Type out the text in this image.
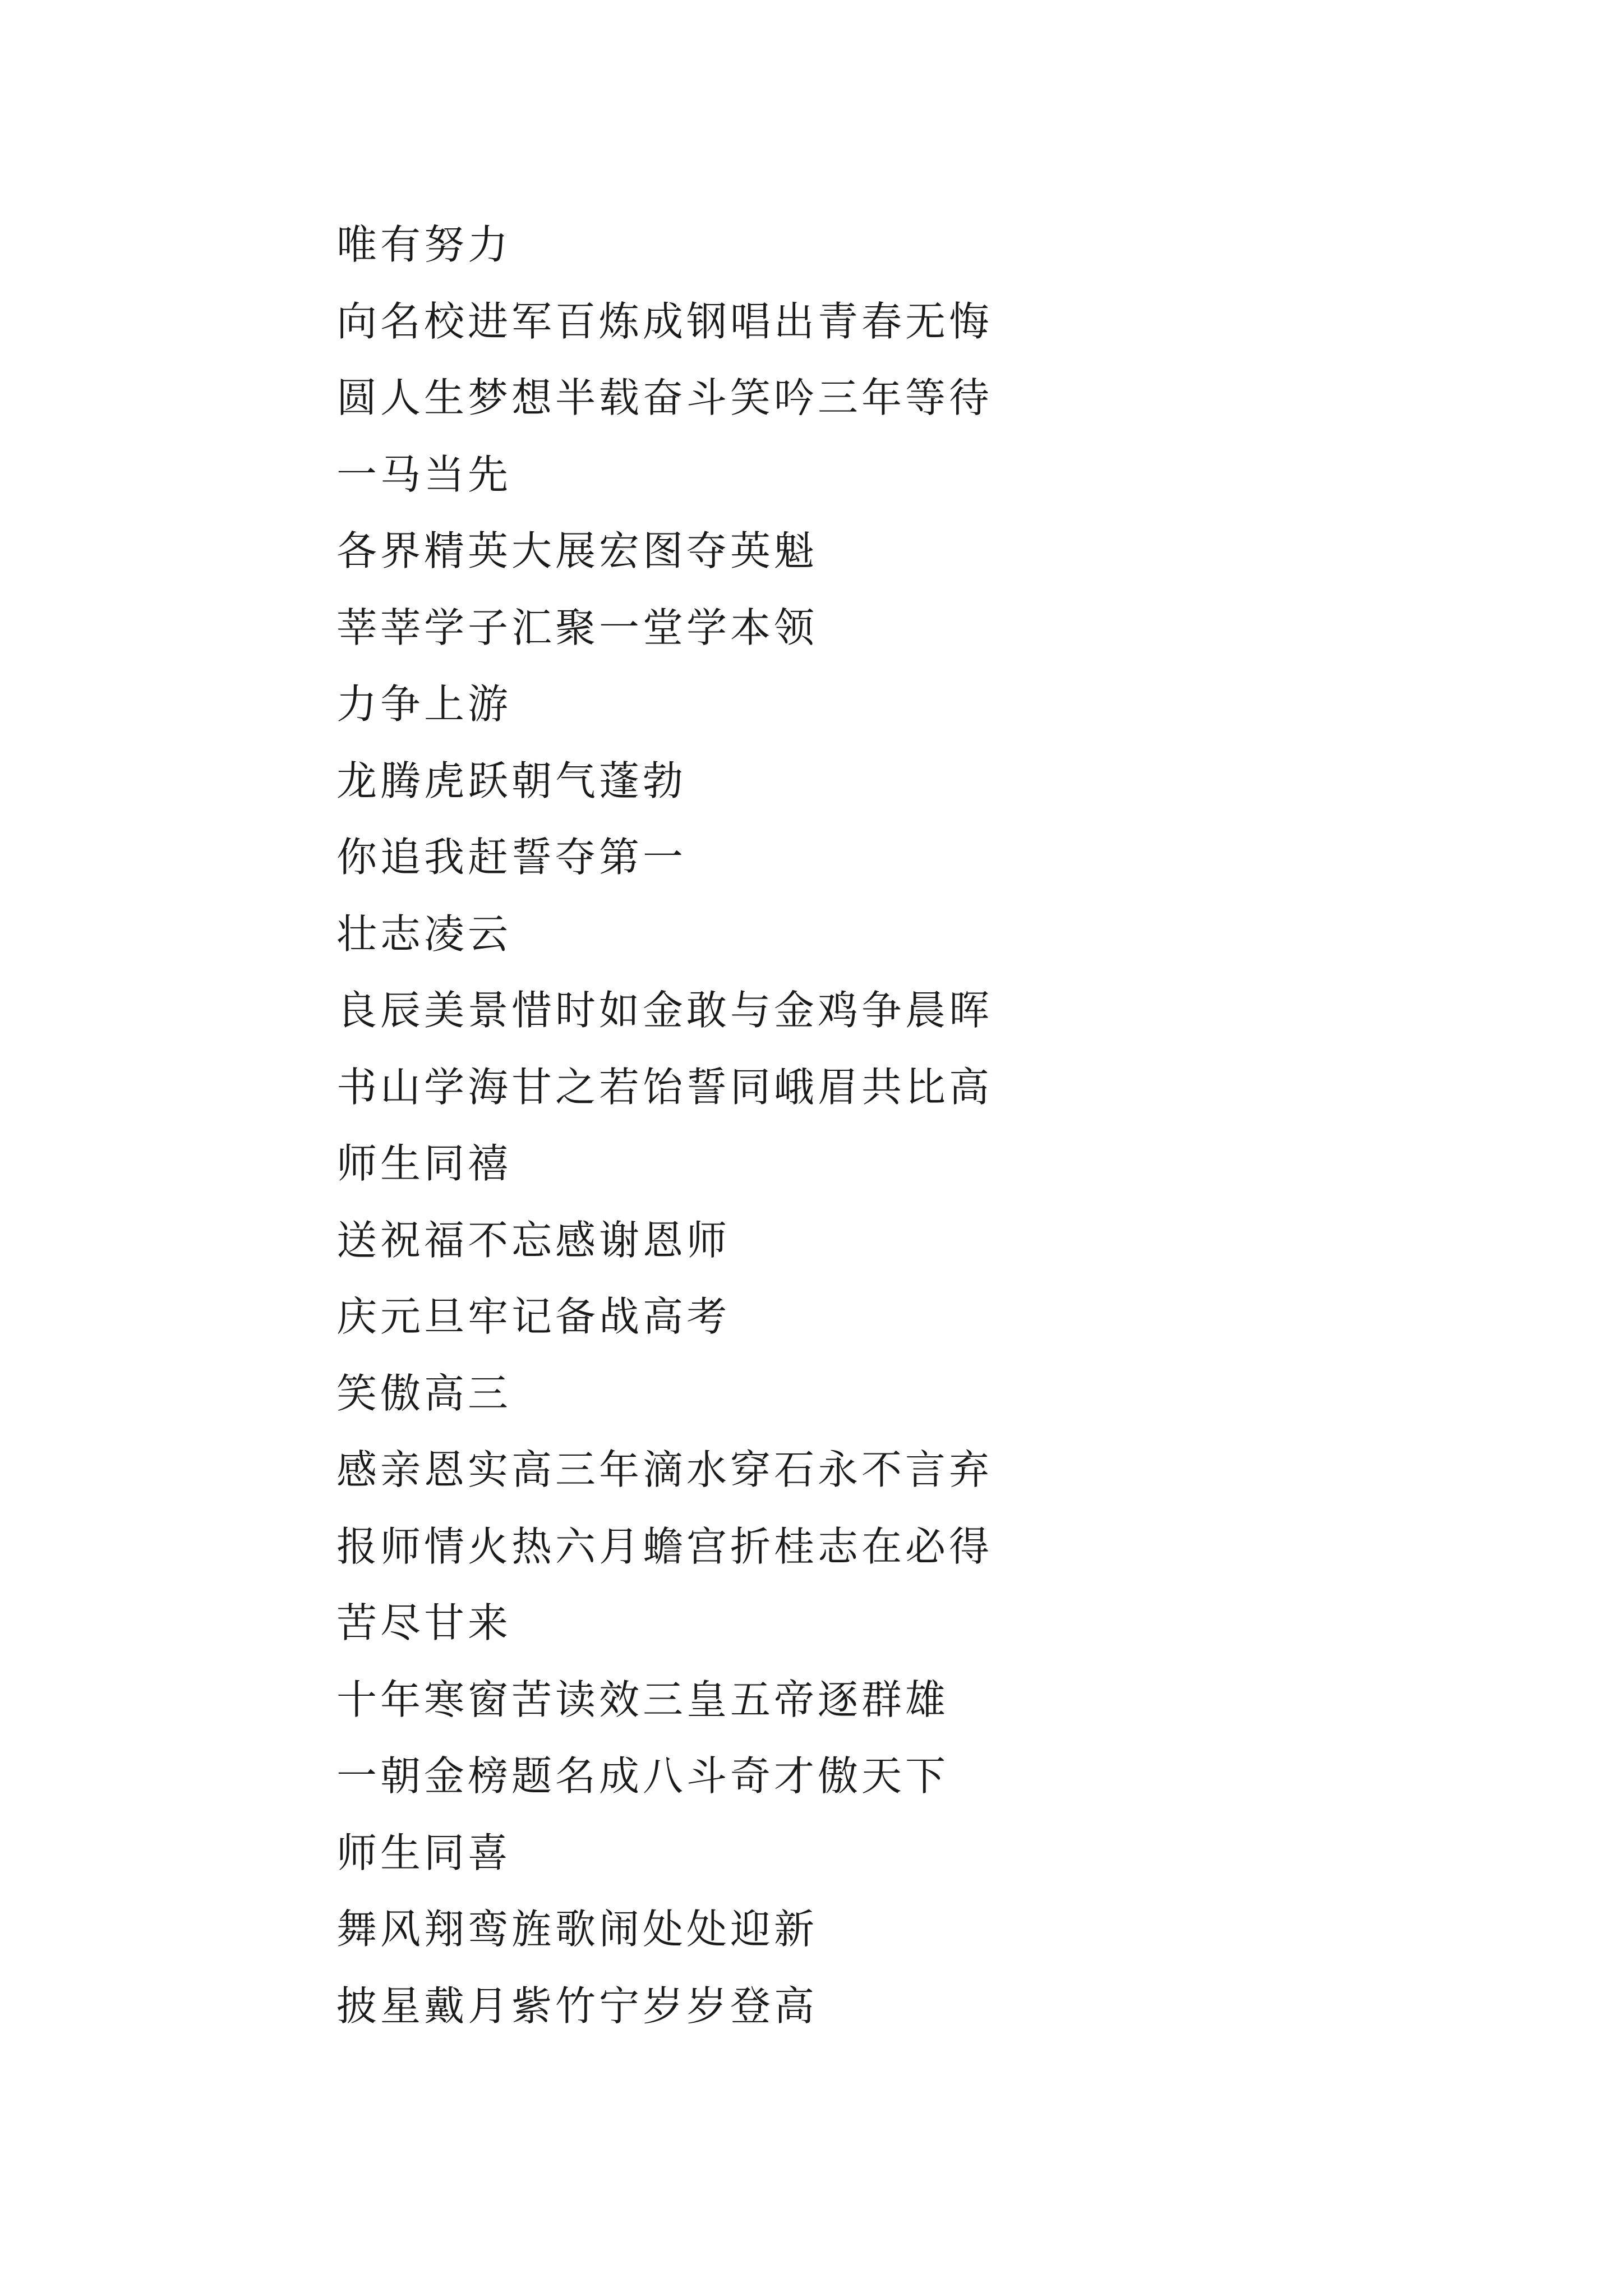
唯有努力
向名校进军百炼成钢唱出青春无悔
圆人生梦想半载奋斗笑吟三年等待
一马当先
各界精英大展宏图夺英魁
莘莘学子汇聚一堂学本领
力争上游
龙腾虎跃朝气蓬勃
你追我赶誓夺第一
壮志凌云
良辰美景惜时如金敢与金鸡争晨晖
书山学海甘之若饴誓同峨眉共比高
师生同禧
送祝福不忘感谢恩师
庆元旦牢记备战高考
笑傲高三
感亲恩实高三年滴水穿石永不言弃
报师情火热六月蟾宫折桂志在必得
苦尽甘来
十年寒窗苦读效三皇五帝逐群雄
一朝金榜题名成八斗奇才傲天下
师生同喜
舞风翔鸾旌歌闹处处迎新
披星戴月紫竹宁岁岁登高
